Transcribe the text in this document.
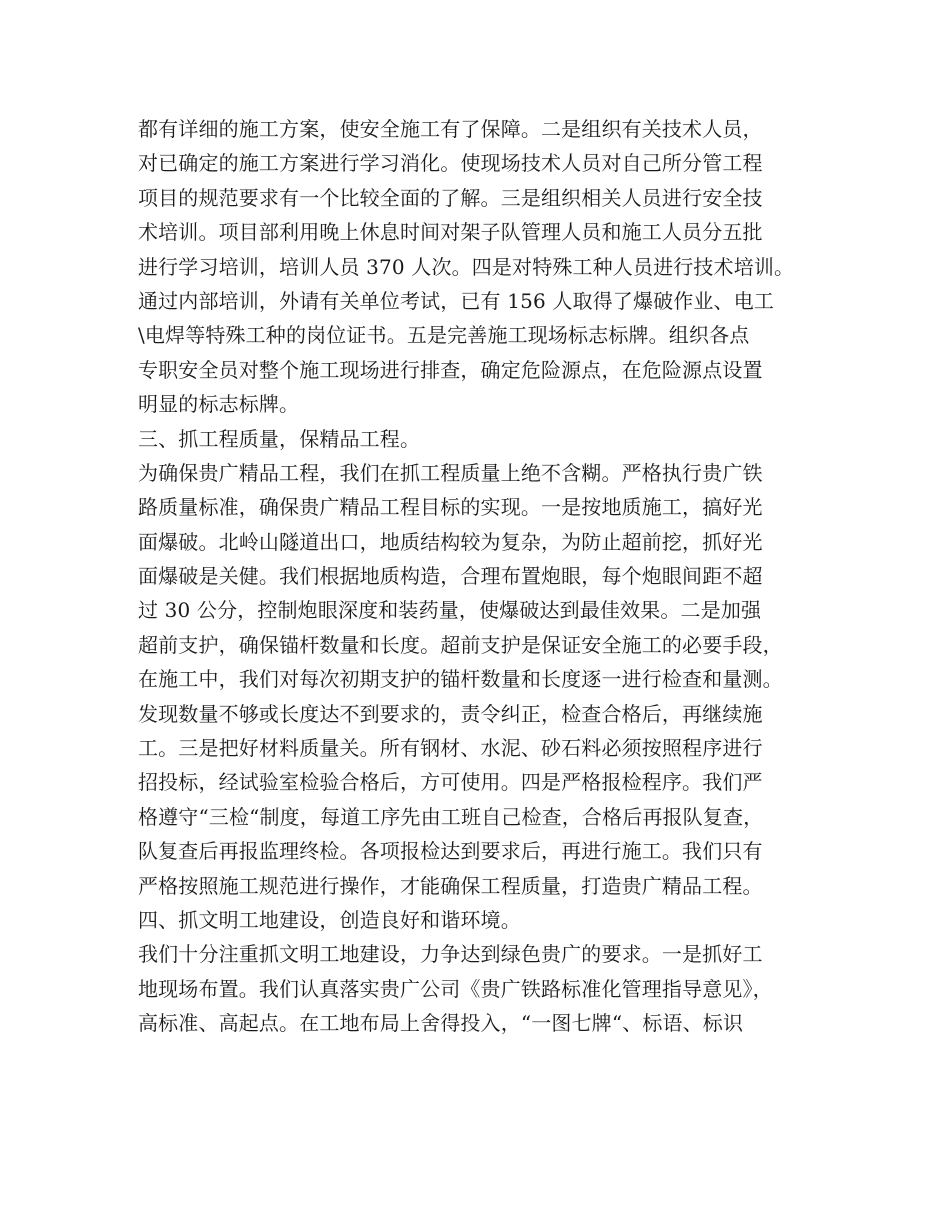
都有详细的施工方案，使安全施工有了保障。二是组织有关技术人员，
对已确定的施工方案进行学习消化。使现场技术人员对自己所分管工程
项目的规范要求有一个比较全面的了解。三是组织相关人员进行安全技
术培训。项目部利用晚上休息时间对架子队管理人员和施工人员分五批
进行学习培训，培训人员 370 人次。四是对特殊工种人员进行技术培训。
通过内部培训，外请有关单位考试，已有 156 人取得了爆破作业、电工
\电焊等特殊工种的岗位证书。五是完善施工现场标志标牌。组织各点
专职安全员对整个施工现场进行排查，确定危险源点，在危险源点设置
明显的标志标牌。
三、抓工程质量，保精品工程。
为确保贵广精品工程，我们在抓工程质量上绝不含糊。严格执行贵广铁
路质量标准，确保贵广精品工程目标的实现。一是按地质施工，搞好光
面爆破。北岭山隧道出口，地质结构较为复杂，为防止超前挖，抓好光
面爆破是关健。我们根据地质构造，合理布置炮眼，每个炮眼间距不超
过 30 公分，控制炮眼深度和装药量，使爆破达到最佳效果。二是加强
超前支护，确保锚杆数量和长度。超前支护是保证安全施工的必要手段，
在施工中，我们对每次初期支护的锚杆数量和长度逐一进行检查和量测。
发现数量不够或长度达不到要求的，责令纠正，检查合格后，再继续施
工。三是把好材料质量关。所有钢材、水泥、砂石料必须按照程序进行
招投标，经试验室检验合格后，方可使用。四是严格报检程序。我们严
格遵守“三检“制度，每道工序先由工班自己检查，合格后再报队复查，
队复查后再报监理终检。各项报检达到要求后，再进行施工。我们只有
严格按照施工规范进行操作，才能确保工程质量，打造贵广精品工程。
四、抓文明工地建设，创造良好和谐环境。
我们十分注重抓文明工地建设，力争达到绿色贵广的要求。一是抓好工
地现场布置。我们认真落实贵广公司《贵广铁路标准化管理指导意见》，
高标准、高起点。在工地布局上舍得投入，“一图七牌“、标语、标识
